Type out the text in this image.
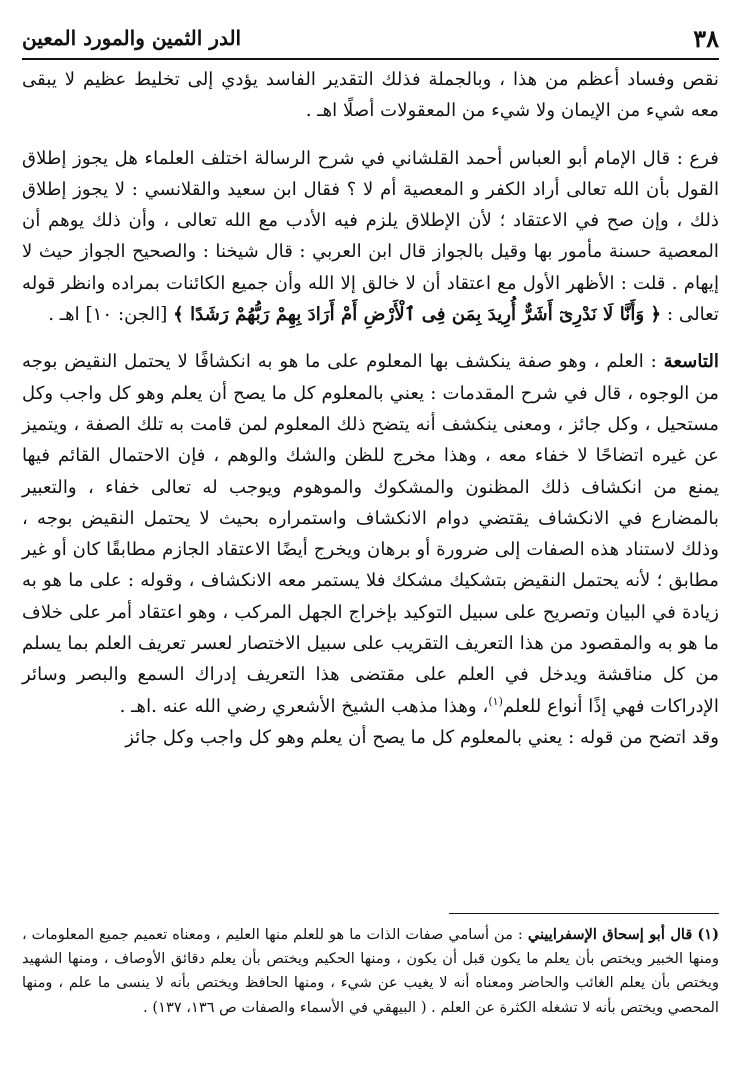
٣٨
الدر الثمين والمورد المعين

نقص وفساد أعظم من هذا ، وبالجملة فذلك التقدير الفاسد يؤدي إلى تخليط عظيم لا يبقى معه شيء من الإيمان ولا شيء من المعقولات أصلًا اهـ .

فرع : قال الإمام أبو العباس أحمد القلشاني في شرح الرسالة اختلف العلماء هل يجوز إطلاق القول بأن الله تعالى أراد الكفر و المعصية أم لا ؟ فقال ابن سعيد والقلانسي : لا يجوز إطلاق ذلك ، وإن صح في الاعتقاد ؛ لأن الإطلاق يلزم فيه الأدب مع الله تعالى ، وأن ذلك يوهم أن المعصية حسنة مأمور بها وقيل بالجواز قال ابن العربي : قال شيخنا : والصحيح الجواز حيث لا إيهام . قلت : الأظهر الأول مع اعتقاد أن لا خالق إلا الله وأن جميع الكائنات بمراده وانظر قوله تعالى : ﴿ وَأَنَّا لَا نَدْرِىٓ أَشَرٌّ أُرِيدَ بِمَن فِى ٱلْأَرْضِ أَمْ أَرَادَ بِهِمْ رَبُّهُمْ رَشَدًا ﴾ [الجن: ١٠] اهـ .

التاسعة : العلم ، وهو صفة ينكشف بها المعلوم على ما هو به انكشافًا لا يحتمل النقيض بوجه من الوجوه ، قال في شرح المقدمات : يعني بالمعلوم كل ما يصح أن يعلم وهو كل واجب وكل مستحيل ، وكل جائز ، ومعنى ينكشف أنه يتضح ذلك المعلوم لمن قامت به تلك الصفة ، ويتميز عن غيره اتضاحًا لا خفاء معه ، وهذا مخرج للظن والشك والوهم ، فإن الاحتمال القائم فيها يمنع من انكشاف ذلك المظنون والمشكوك والموهوم ويوجب له تعالى خفاء ، والتعبير بالمضارع في الانكشاف يقتضي دوام الانكشاف واستمراره بحيث لا يحتمل النقيض بوجه ، وذلك لاستناد هذه الصفات إلى ضرورة أو برهان ويخرج أيضًا الاعتقاد الجازم مطابقًا كان أو غير مطابق ؛ لأنه يحتمل النقيض بتشكيك مشكك فلا يستمر معه الانكشاف ، وقوله : على ما هو به زيادة في البيان وتصريح على سبيل التوكيد بإخراج الجهل المركب ، وهو اعتقاد أمر على خلاف ما هو به والمقصود من هذا التعريف التقريب على سبيل الاختصار لعسر تعريف العلم بما يسلم من كل مناقشة ويدخل في العلم على مقتضى هذا التعريف إدراك السمع والبصر وسائر الإدراكات فهي إذًا أنواع للعلم$^{(١)}$، وهذا مذهب الشيخ الأشعري رضي الله عنه .اهـ .

وقد اتضح من قوله : يعني بالمعلوم كل ما يصح أن يعلم وهو كل واجب وكل جائز

(١) قال أبو إسحاق الإسفراييني : من أسامي صفات الذات ما هو للعلم منها العليم ، ومعناه تعميم جميع المعلومات ، ومنها الخبير ويختص بأن يعلم ما يكون قبل أن يكون ، ومنها الحكيم ويختص بأن يعلم دقائق الأوصاف ، ومنها الشهيد ويختص بأن يعلم الغائب والحاضر ومعناه أنه لا يغيب عن شيء ، ومنها الحافظ ويختص بأنه لا ينسى ما علم ، ومنها المحصي ويختص بأنه لا تشغله الكثرة عن العلم . ( البيهقي في الأسماء والصفات ص ١٣٦، ١٣٧) .
